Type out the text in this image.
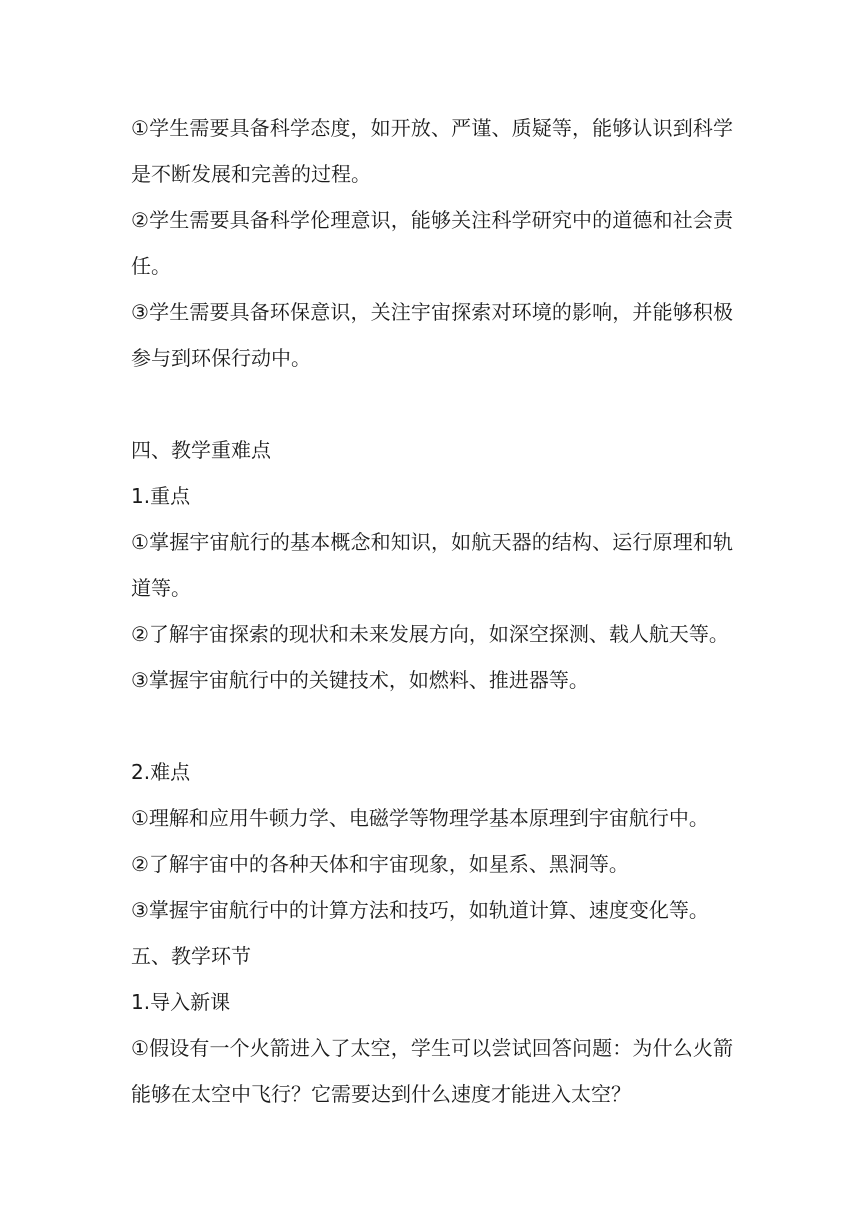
①学生需要具备科学态度，如开放、严谨、质疑等，能够认识到科学是不断发展和完善的过程。

②学生需要具备科学伦理意识，能够关注科学研究中的道德和社会责任。

③学生需要具备环保意识，关注宇宙探索对环境的影响，并能够积极参与到环保行动中。

四、教学重难点

1.重点

①掌握宇宙航行的基本概念和知识，如航天器的结构、运行原理和轨道等。

②了解宇宙探索的现状和未来发展方向，如深空探测、载人航天等。

③掌握宇宙航行中的关键技术，如燃料、推进器等。

2.难点

①理解和应用牛顿力学、电磁学等物理学基本原理到宇宙航行中。

②了解宇宙中的各种天体和宇宙现象，如星系、黑洞等。

③掌握宇宙航行中的计算方法和技巧，如轨道计算、速度变化等。

五、教学环节

1.导入新课

①假设有一个火箭进入了太空，学生可以尝试回答问题：为什么火箭能够在太空中飞行？它需要达到什么速度才能进入太空？
